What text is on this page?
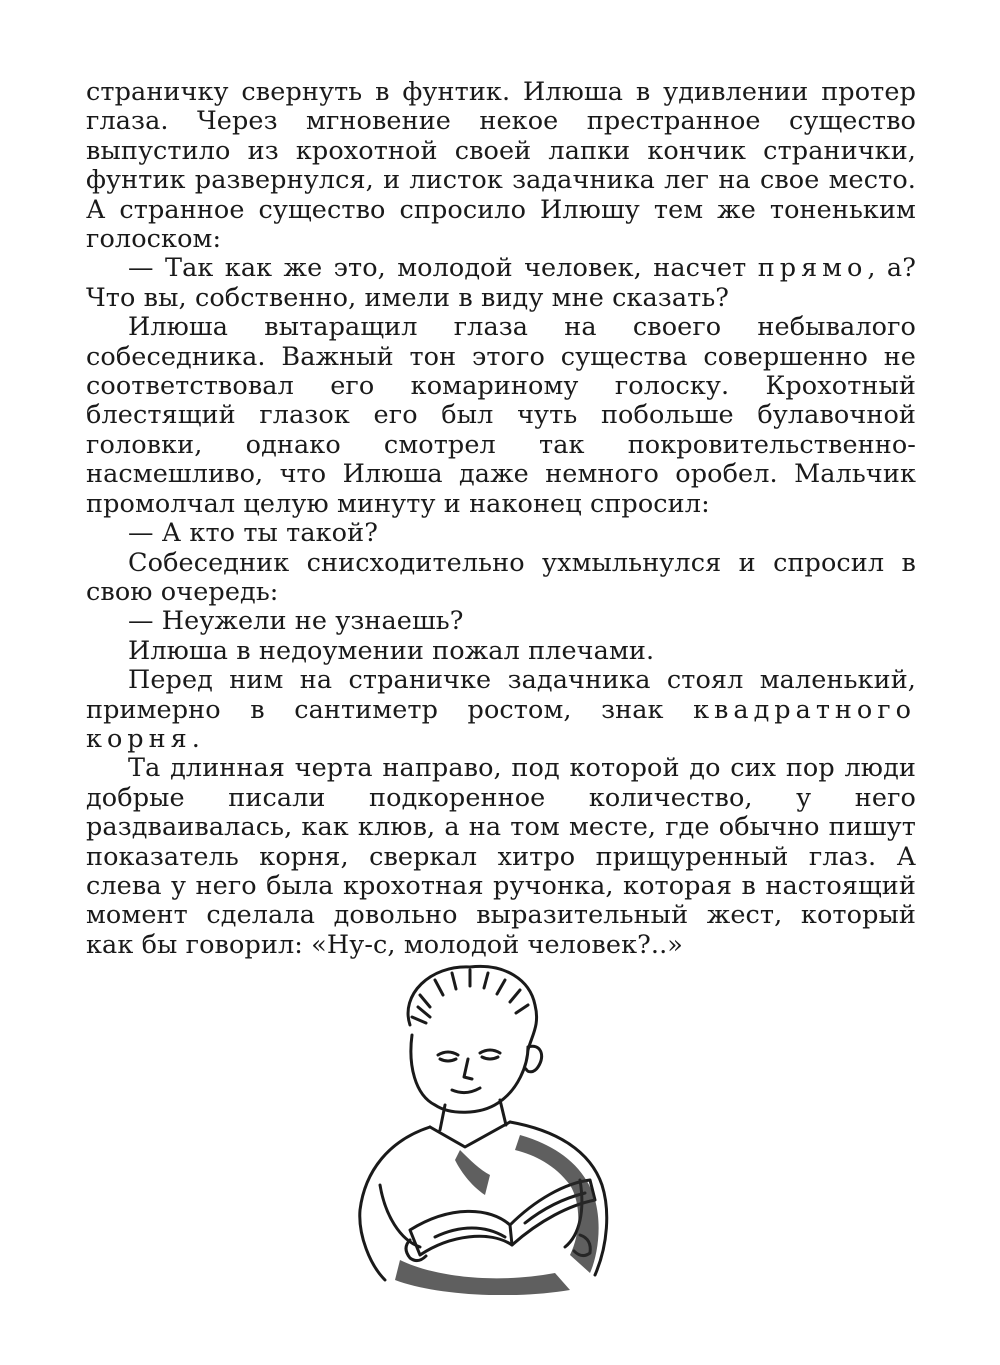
страничку свернуть в фунтик. Илюша в удивлении протер глаза. Через мгновение некое престранное существо выпустило из крохотной своей лапки кончик странички, фунтик развернулся, и листок задачника лег на свое место. А странное существо спросило Илюшу тем же тоненьким голоском:

— Так как же это, молодой человек, насчет прямо, а? Что вы, собственно, имели в виду мне сказать?

Илюша вытаращил глаза на своего небывалого собеседника. Важный тон этого существа совершенно не соответствовал его комариному голоску. Крохотный блестящий глазок его был чуть побольше булавочной головки, однако смотрел так покровительственно-насмешливо, что Илюша даже немного оробел. Мальчик промолчал целую минуту и наконец спросил:

— А кто ты такой?

Собеседник снисходительно ухмыльнулся и спросил в свою очередь:

— Неужели не узнаешь?

Илюша в недоумении пожал плечами.

Перед ним на страничке задачника стоял маленький, примерно в сантиметр ростом, знак квадратного корня.

Та длинная черта направо, под которой до сих пор люди добрые писали подкоренное количество, у него раздваивалась, как клюв, а на том месте, где обычно пишут показатель корня, сверкал хитро прищуренный глаз. А слева у него была крохотная ручонка, которая в настоящий момент сделала довольно выразительный жест, который как бы говорил: «Ну-с, молодой человек?..»
